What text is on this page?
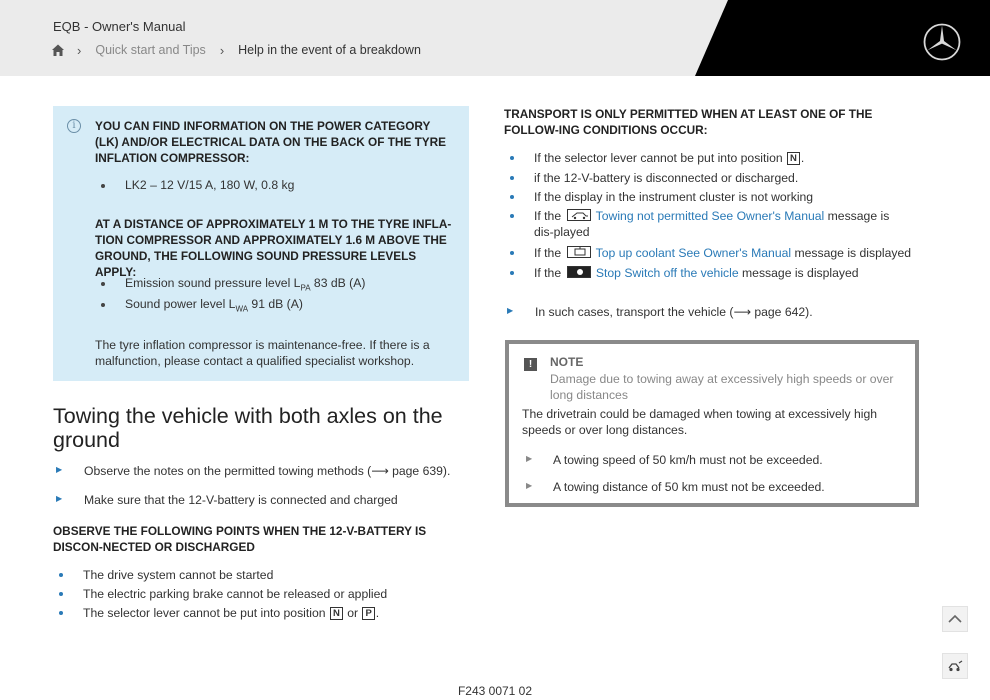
EQB - Owner's Manual
› Quick start and Tips › Help in the event of a breakdown
i	YOU CAN FIND INFORMATION ON THE POWER CATEGORY (LK) AND/OR ELECTRICAL DATA ON THE BACK OF THE TYRE INFLATION COMPRESSOR:
LK2 – 12 V/15 A, 180 W, 0.8 kg
AT A DISTANCE OF APPROXIMATELY 1 M TO THE TYRE INFLA-TION COMPRESSOR AND APPROXIMATELY 1.6 M ABOVE THE GROUND, THE FOLLOWING SOUND PRESSURE LEVELS APPLY:
Emission sound pressure level $L_{PA}$ 83 dB (A)
Sound power level $L_{WA}$ 91 dB (A)
The tyre inflation compressor is maintenance-free. If there is a malfunction, please contact a qualified specialist workshop.
Towing the vehicle with both axles on the ground
▶ Observe the notes on the permitted towing methods (⟶ page 639).
▶ Make sure that the 12-V-battery is connected and charged
OBSERVE THE FOLLOWING POINTS WHEN THE 12-V-BATTERY IS DISCON-NECTED OR DISCHARGED
The drive system cannot be started
The electric parking brake cannot be released or applied
The selector lever cannot be put into position N or P .
TRANSPORT IS ONLY PERMITTED WHEN AT LEAST ONE OF THE FOLLOW-ING CONDITIONS OCCUR:
If the selector lever cannot be put into position N .
if the 12-V-battery is disconnected or discharged.
If the display in the instrument cluster is not working
If the	Towing not permitted See Owner's Manual message is dis-played
If the	Top up coolant See Owner's Manual message is displayed
If the	Stop Switch off the vehicle message is displayed
▶ In such cases, transport the vehicle (⟶ page 642).
!	NOTE
Damage due to towing away at excessively high speeds or over long distances
The drivetrain could be damaged when towing at excessively high speeds or over long distances.
▶ A towing speed of 50 km/h must not be exceeded.
▶ A towing distance of 50 km must not be exceeded.
F243 0071 02
